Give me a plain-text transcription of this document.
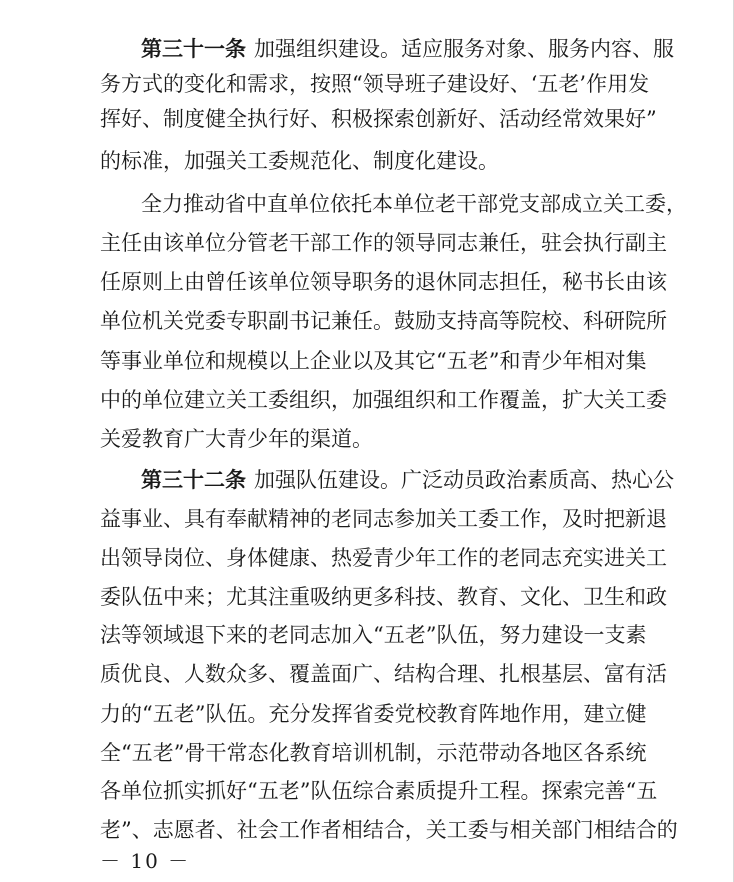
第三十一条 加强组织建设。适应服务对象、服务内容、服
务方式的变化和需求，按照“领导班子建设好、‘五老’作用发
挥好、制度健全执行好、积极探索创新好、活动经常效果好”
的标准，加强关工委规范化、制度化建设。
全力推动省中直单位依托本单位老干部党支部成立关工委，
主任由该单位分管老干部工作的领导同志兼任，驻会执行副主
任原则上由曾任该单位领导职务的退休同志担任，秘书长由该
单位机关党委专职副书记兼任。鼓励支持高等院校、科研院所
等事业单位和规模以上企业以及其它“五老”和青少年相对集
中的单位建立关工委组织，加强组织和工作覆盖，扩大关工委
关爱教育广大青少年的渠道。
第三十二条 加强队伍建设。广泛动员政治素质高、热心公
益事业、具有奉献精神的老同志参加关工委工作，及时把新退
出领导岗位、身体健康、热爱青少年工作的老同志充实进关工
委队伍中来；尤其注重吸纳更多科技、教育、文化、卫生和政
法等领域退下来的老同志加入“五老”队伍，努力建设一支素
质优良、人数众多、覆盖面广、结构合理、扎根基层、富有活
力的“五老”队伍。充分发挥省委党校教育阵地作用，建立健
全“五老”骨干常态化教育培训机制，示范带动各地区各系统
各单位抓实抓好“五老”队伍综合素质提升工程。探索完善“五
老”、志愿者、社会工作者相结合，关工委与相关部门相结合的
－ 10 －
